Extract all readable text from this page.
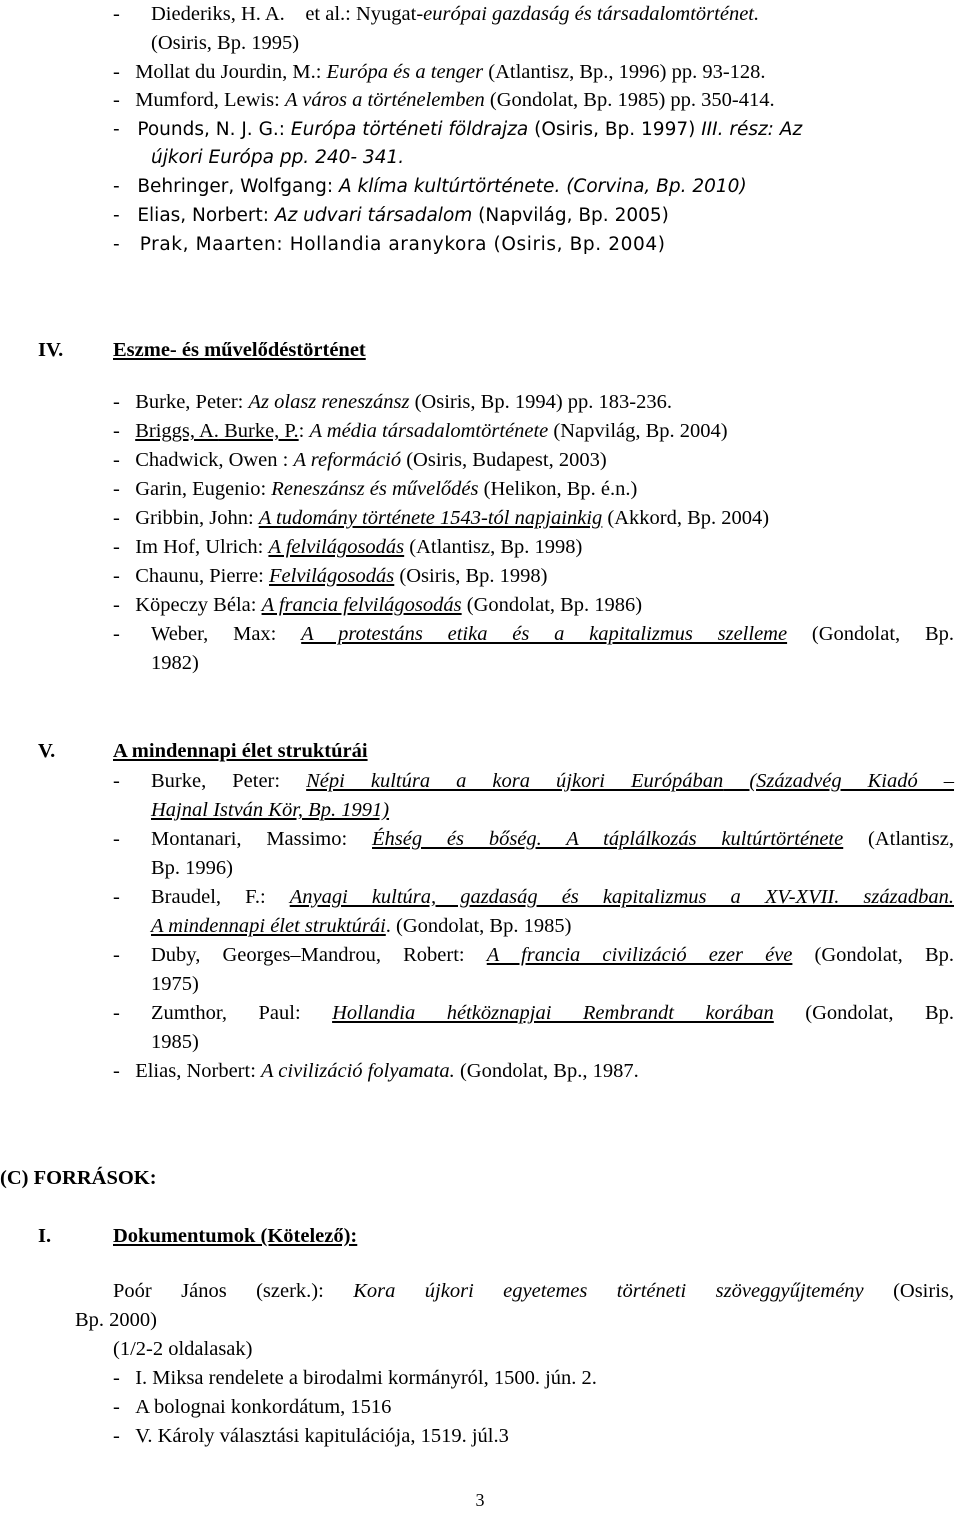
- Diederiks, H. A. et al.: Nyugat-európai gazdaság és társadalomtörténet.
(Osiris, Bp. 1995)
- Mollat du Jourdin, M.: Európa és a tenger (Atlantisz, Bp., 1996) pp. 93-128.
- Mumford, Lewis: A város a történelemben (Gondolat, Bp. 1985) pp. 350-414.
- Pounds, N. J. G.: Európa történeti földrajza (Osiris, Bp. 1997) III. rész: Az
újkori Európa pp. 240- 341.
- Behringer, Wolfgang: A klíma kultúrtörténete. (Corvina, Bp. 2010)
- Elias, Norbert: Az udvari társadalom (Napvilág, Bp. 2005)
- Prak, Maarten: Hollandia aranykora (Osiris, Bp. 2004)
IV. Eszme- és művelődéstörténet
- Burke, Peter: Az olasz reneszánsz (Osiris, Bp. 1994) pp. 183-236.
- Briggs, A. Burke, P.: A média társadalomtörténete (Napvilág, Bp. 2004)
- Chadwick, Owen : A reformáció (Osiris, Budapest, 2003)
- Garin, Eugenio: Reneszánsz és művelődés (Helikon, Bp. é.n.)
- Gribbin, John: A tudomány története 1543-tól napjainkig (Akkord, Bp. 2004)
- Im Hof, Ulrich: A felvilágosodás (Atlantisz, Bp. 1998)
- Chaunu, Pierre: Felvilágosodás (Osiris, Bp. 1998)
- Köpeczy Béla: A francia felvilágosodás (Gondolat, Bp. 1986)
- Weber, Max: A protestáns etika és a kapitalizmus szelleme (Gondolat, Bp.
1982)
V.	A mindennapi élet struktúrái
- Burke, Peter: Népi kultúra a kora újkori Európában (Századvég Kiadó –
Hajnal István Kör, Bp. 1991)
- Montanari, Massimo: Éhség és bőség. A táplálkozás kultúrtörténete (Atlantisz,
Bp. 1996)
- Braudel, F.: Anyagi kultúra, gazdaság és kapitalizmus a XV-XVII. században.
A mindennapi élet struktúrái. (Gondolat, Bp. 1985)
- Duby, Georges–Mandrou, Robert: A francia civilizáció ezer éve (Gondolat, Bp.
1975)
- Zumthor, Paul: Hollandia hétköznapjai Rembrandt korában (Gondolat, Bp.
1985)
- Elias, Norbert: A civilizáció folyamata. (Gondolat, Bp., 1987.
(C) FORRÁSOK:
I.	Dokumentumok (Kötelező):
Poór János (szerk.): Kora újkori egyetemes történeti szöveggyűjtemény (Osiris,
Bp. 2000)
(1/2-2 oldalasak)
- I. Miksa rendelete a birodalmi kormányról, 1500. jún. 2.
- A bolognai konkordátum, 1516
- V. Károly választási kapitulációja, 1519. júl.3
3
